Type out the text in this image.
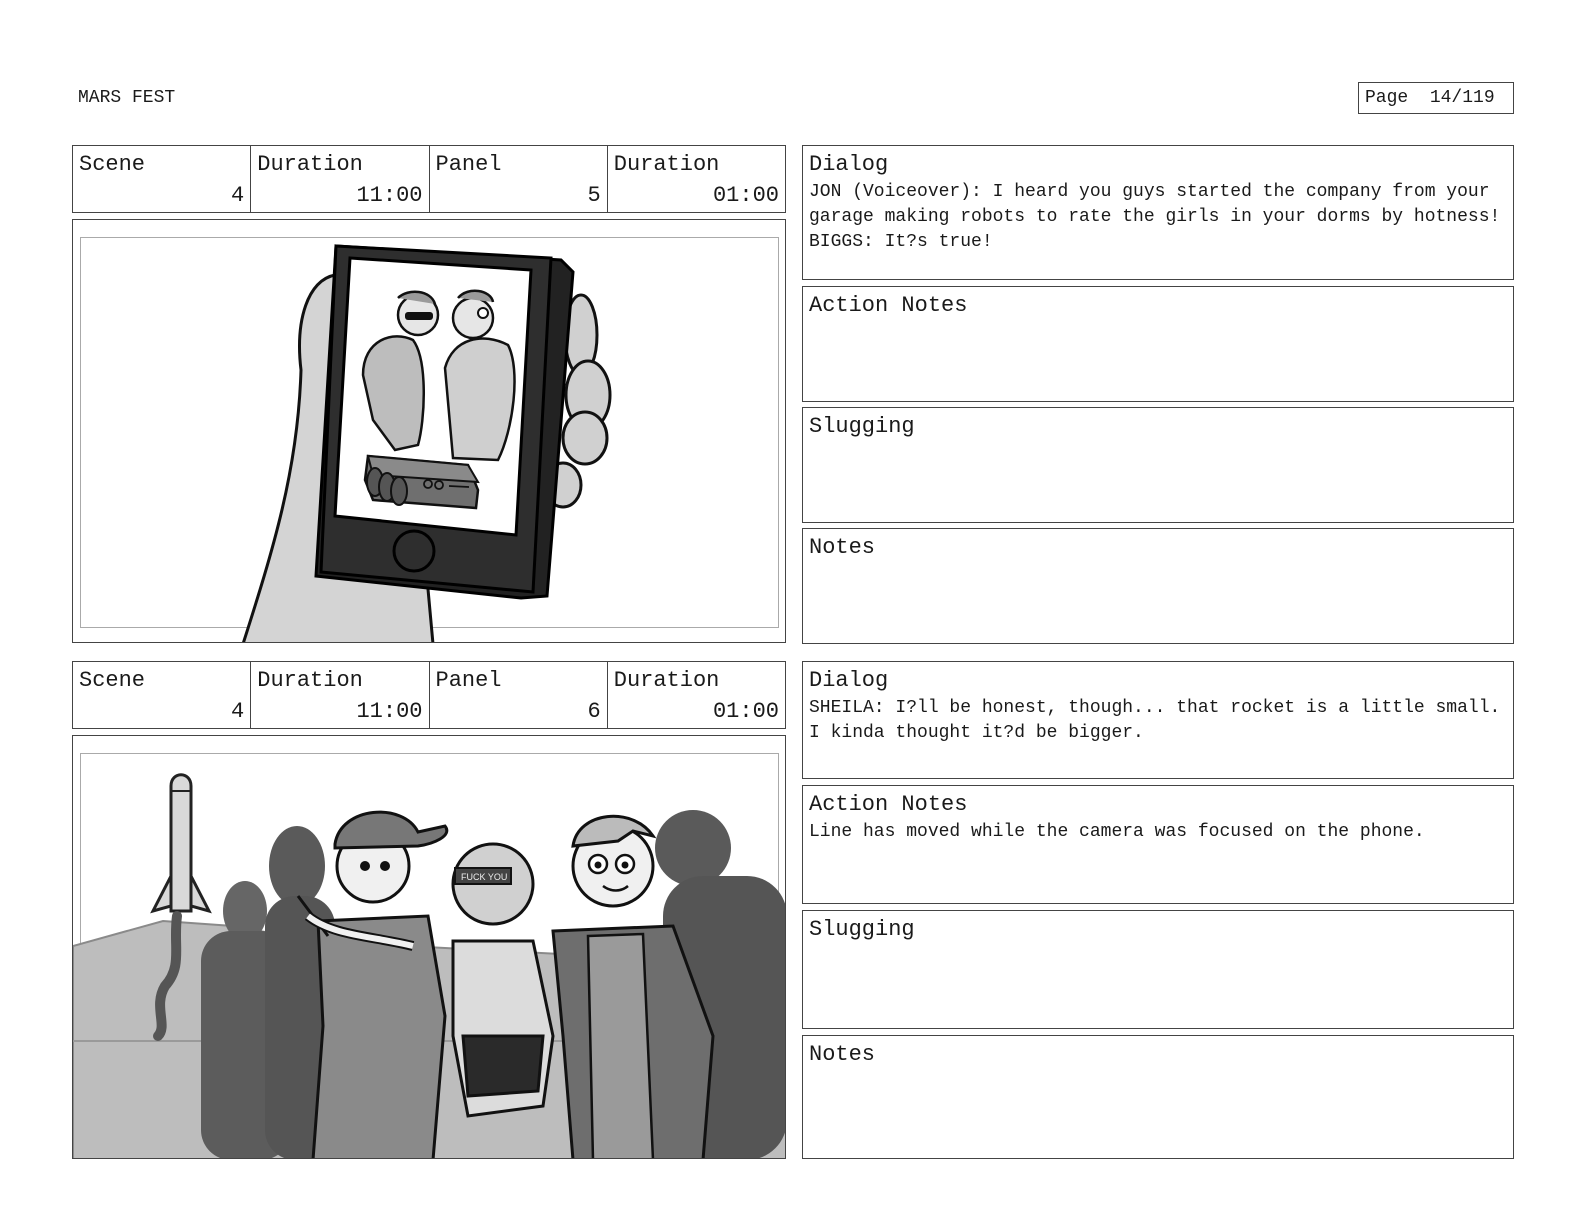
MARS FEST	Page 14/119
Scene
4
Duration
11:00
Panel
5
Duration
01:00
Dialog
JON (Voiceover): I heard you guys started the company from your garage making robots to rate the girls in your dorms by hotness!
BIGGS: It?s true!
Action Notes
Slugging
Notes
Scene
4
Duration
11:00
Panel
6
Duration
01:00
FUCK YOU
Dialog
SHEILA: I?ll be honest, though... that rocket is a little small. I kinda thought it?d be bigger.
Action Notes
Line has moved while the camera was focused on the phone.
Slugging
Notes
